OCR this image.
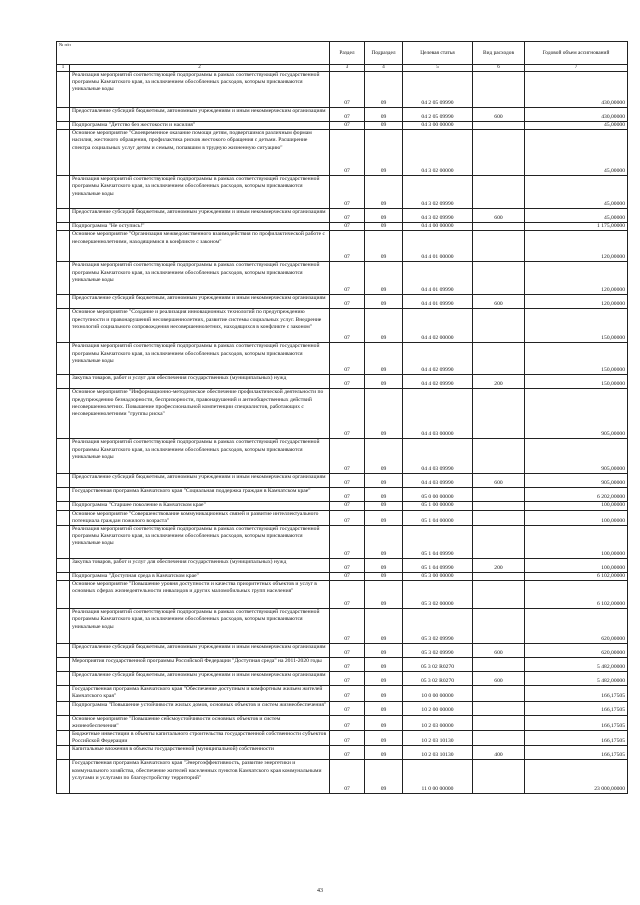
№ п/п		Раздел	Подраздел	Целевая статья	Вид расходов	Годовой объем ассигнований
1	2	3	4	5	6	7
	Реализация мероприятий соответствующей подпрограммы в рамках соответствующей государственной программы Камчатского края, за исключением обособленных расходов, которым присваиваются уникальные коды	07	09	04 2 05 09990		430,00000
	Предоставление субсидий бюджетным, автономным учреждениям и иным некоммерческим организациям	07	09	04 2 05 09990	600	430,00000
	Подпрограмма "Детство без жестокости и насилия"	07	09	04 3 00 00000		45,00000
	Основное мероприятие "Своевременное оказание помощи детям, подвергшимся различным формам насилия, жестокого обращения, профилактика рисков жестокого обращения с детьми. Расширение спектра социальных услуг детям и семьям, попавшим в трудную жизненную ситуацию"	07	09	04 3 02 00000		45,00000
	Реализация мероприятий соответствующей подпрограммы в рамках соответствующей государственной программы Камчатского края, за исключением обособленных расходов, которым присваиваются уникальные коды	07	09	04 3 02 09990		45,00000
	Предоставление субсидий бюджетным, автономным учреждениям и иным некоммерческим организациям	07	09	04 3 02 09990	600	45,00000
	Подпрограмма "Не оступись!"	07	09	04 4 00 00000		1 175,00000
	Основное мероприятие "Организация межведомственного взаимодействия по профилактической работе с несовершеннолетними, находящимися в конфликте с законом"	07	09	04 4 01 00000		120,00000
	Реализация мероприятий соответствующей подпрограммы в рамках соответствующей государственной программы Камчатского края, за исключением обособленных расходов, которым присваиваются уникальные коды	07	09	04 4 01 09990		120,00000
	Предоставление субсидий бюджетным, автономным учреждениям и иным некоммерческим организациям	07	09	04 4 01 09990	600	120,00000
	Основное мероприятие "Создание и реализация инновационных технологий по предупреждению преступности и правонарушений несовершеннолетних, развитие системы социальных услуг. Внедрение технологий социального сопровождения несовершеннолетних, находящихся в конфликте с законом"	07	09	04 4 02 00000		150,00000
	Реализация мероприятий соответствующей подпрограммы в рамках соответствующей государственной программы Камчатского края, за исключением обособленных расходов, которым присваиваются уникальные коды	07	09	04 4 02 09990		150,00000
	Закупка товаров, работ и услуг для обеспечения государственных (муниципальных) нужд	07	09	04 4 02 09990	200	150,00000
	Основное мероприятие "Информационно-методическое обеспечение профилактической деятельности по предупреждению безнадзорности, беспризорности, правонарушений и антиобщественных действий несовершеннолетних. Повышение профессиональной компетенции специалистов, работающих с несовершеннолетними "группы риска"	07	09	04 4 03 00000		905,00000
	Реализация мероприятий соответствующей подпрограммы в рамках соответствующей государственной программы Камчатского края, за исключением обособленных расходов, которым присваиваются уникальные коды	07	09	04 4 03 09990		905,00000
	Предоставление субсидий бюджетным, автономным учреждениям и иным некоммерческим организациям	07	09	04 4 03 09990	600	905,00000
	Государственная программа Камчатского края "Социальная поддержка граждан в Камчатском крае"	07	09	05 0 00 00000		6 202,00000
	Подпрограмма "Старшее поколение в Камчатском крае"	07	09	05 1 00 00000		100,00000
	Основное мероприятие "Совершенствование коммуникационных связей и развитие интеллектуального потенциала граждан пожилого возраста"	07	09	05 1 04 00000		100,00000
	Реализация мероприятий соответствующей подпрограммы в рамках соответствующей государственной программы Камчатского края, за исключением обособленных расходов, которым присваиваются уникальные коды	07	09	05 1 04 09990		100,00000
	Закупка товаров, работ и услуг для обеспечения государственных (муниципальных) нужд	07	09	05 1 04 09990	200	100,00000
	Подпрограмма "Доступная среда в Камчатском крае"	07	09	05 3 00 00000		6 102,00000
	Основное мероприятие "Повышение уровня доступности и качества приоритетных объектов и услуг в основных сферах жизнедеятельности инвалидов и других маломобильных групп населения"	07	09	05 3 02 00000		6 102,00000
	Реализация мероприятий соответствующей подпрограммы в рамках соответствующей государственной программы Камчатского края, за исключением обособленных расходов, которым присваиваются уникальные коды	07	09	05 3 02 09990		620,00000
	Предоставление субсидий бюджетным, автономным учреждениям и иным некоммерческим организациям	07	09	05 3 02 09990	600	620,00000
	Мероприятия государственной программы Российской Федерации "Доступная среда" на 2011-2020 годы	07	09	05 3 02 R0270		5 482,00000
	Предоставление субсидий бюджетным, автономным учреждениям и иным некоммерческим организациям	07	09	05 3 02 R0270	600	5 482,00000
	Государственная программа Камчатского края "Обеспечение доступным и комфортным жильем жителей Камчатского края"	07	09	10 0 00 00000		166,17505
	Подпрограмма "Повышение устойчивости жилых домов, основных объектов и систем жизнеобеспечения"	07	09	10 2 00 00000		166,17505
	Основное мероприятие "Повышение сейсмоустойчивости основных объектов и систем жизнеобеспечения"	07	09	10 2 03 00000		166,17505
	Бюджетные инвестиции в объекты капитального строительства государственной собственности субъектов Российской Федерации	07	09	10 2 03 10130		166,17505
	Капитальные вложения в объекты государственной (муниципальной) собственности	07	09	10 2 03 10130	400	166,17505
	Государственная программа Камчатского края "Энергоэффективность, развитие энергетики и коммунального хозяйства, обеспечение жителей населенных пунктов Камчатского края коммунальными услугами и услугами по благоустройству территорий"	07	09	11 0 00 00000		23 000,00000
43
